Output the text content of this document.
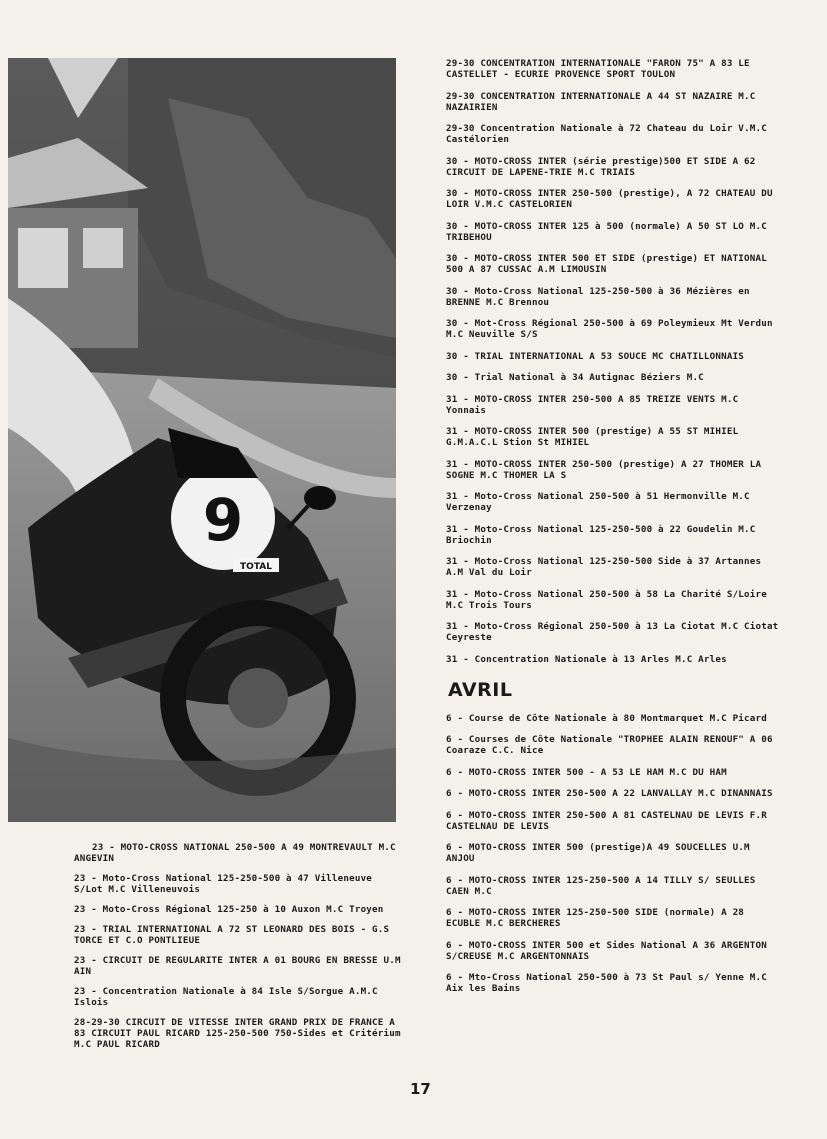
9
TOTAL

23 - MOTO-CROSS NATIONAL 250-500 A 49 MONTREVAULT M.C ANGEVIN

23 - Moto-Cross National 125-250-500 à 47 Villeneuve S/Lot M.C Villeneuvois

23 - Moto-Cross Régional 125-250 à 10 Auxon M.C Troyen

23 - TRIAL INTERNATIONAL A 72 ST LEONARD DES BOIS - G.S TORCE ET C.O PONTLIEUE

23 - CIRCUIT DE REGULARITE INTER A 01 BOURG EN BRESSE U.M AIN

23 - Concentration Nationale à 84 Isle S/Sorgue A.M.C Islois

28-29-30 CIRCUIT DE VITESSE INTER GRAND PRIX DE FRANCE A 83 CIRCUIT PAUL RICARD 125-250-500 750-Sides et Critérium M.C PAUL RICARD

29-30 CONCENTRATION INTERNATIONALE "FARON 75" A 83 LE CASTELLET - ECURIE PROVENCE SPORT TOULON

29-30 CONCENTRATION INTERNATIONALE A 44 ST NAZAIRE M.C NAZAIRIEN

29-30 Concentration Nationale à 72 Chateau du Loir V.M.C Castélorien

30 - MOTO-CROSS INTER (série prestige)500 ET SIDE A 62 CIRCUIT DE LAPENE-TRIE M.C TRIAIS

30 - MOTO-CROSS INTER 250-500 (prestige), A 72 CHATEAU DU LOIR V.M.C CASTELORIEN

30 - MOTO-CROSS INTER 125 à 500 (normale) A 50 ST LO M.C TRIBEHOU

30 - MOTO-CROSS INTER 500 ET SIDE (prestige) ET NATIONAL 500 A 87 CUSSAC A.M LIMOUSIN

30 - Moto-Cross National 125-250-500 à 36 Mézières en BRENNE M.C Brennou

30 - Mot-Cross Régional 250-500 à 69 Poleymieux Mt Verdun M.C Neuville S/S

30 - TRIAL INTERNATIONAL A 53 SOUCE MC CHATILLONNAIS

30 - Trial National à 34 Autignac Béziers M.C

31 - MOTO-CROSS INTER 250-500 A 85 TREIZE VENTS M.C Yonnais

31 - MOTO-CROSS INTER 500 (prestige) A 55 ST MIHIEL G.M.A.C.L Stion St MIHIEL

31 - MOTO-CROSS INTER 250-500 (prestige) A 27 THOMER LA SOGNE M.C THOMER LA S

31 - Moto-Cross National 250-500 à 51 Hermonville M.C Verzenay

31 - Moto-Cross National 125-250-500 à 22 Goudelin M.C Briochin

31 - Moto-Cross National 125-250-500 Side à 37 Artannes A.M Val du Loir

31 - Moto-Cross National 250-500 à 58 La Charité S/Loire M.C Trois Tours

31 - Moto-Cross Régional 250-500 à 13 La Ciotat M.C Ciotat Ceyreste

31 - Concentration Nationale à 13 Arles M.C Arles

AVRIL

6 - Course de Côte Nationale à 80 Montmarquet M.C Picard

6 - Courses de Côte Nationale "TROPHEE ALAIN RENOUF" A 06 Coaraze C.C. Nice

6 - MOTO-CROSS INTER 500 - A 53 LE HAM M.C DU HAM

6 - MOTO-CROSS INTER 250-500 A 22 LANVALLAY M.C DINANNAIS

6 - MOTO-CROSS INTER 250-500 A 81 CASTELNAU DE LEVIS F.R CASTELNAU DE LEVIS

6 - MOTO-CROSS INTER 500 (prestige)A 49 SOUCELLES U.M ANJOU

6 - MOTO-CROSS INTER 125-250-500 A 14 TILLY S/ SEULLES CAEN M.C

6 - MOTO-CROSS INTER 125-250-500 SIDE (normale) A 28 ECUBLE M.C BERCHERES

6 - MOTO-CROSS INTER 500 et Sides National A 36 ARGENTON S/CREUSE M.C ARGENTONNAIS

6 - Mto-Cross National 250-500 à 73 St Paul s/ Yenne M.C Aix les Bains

17
